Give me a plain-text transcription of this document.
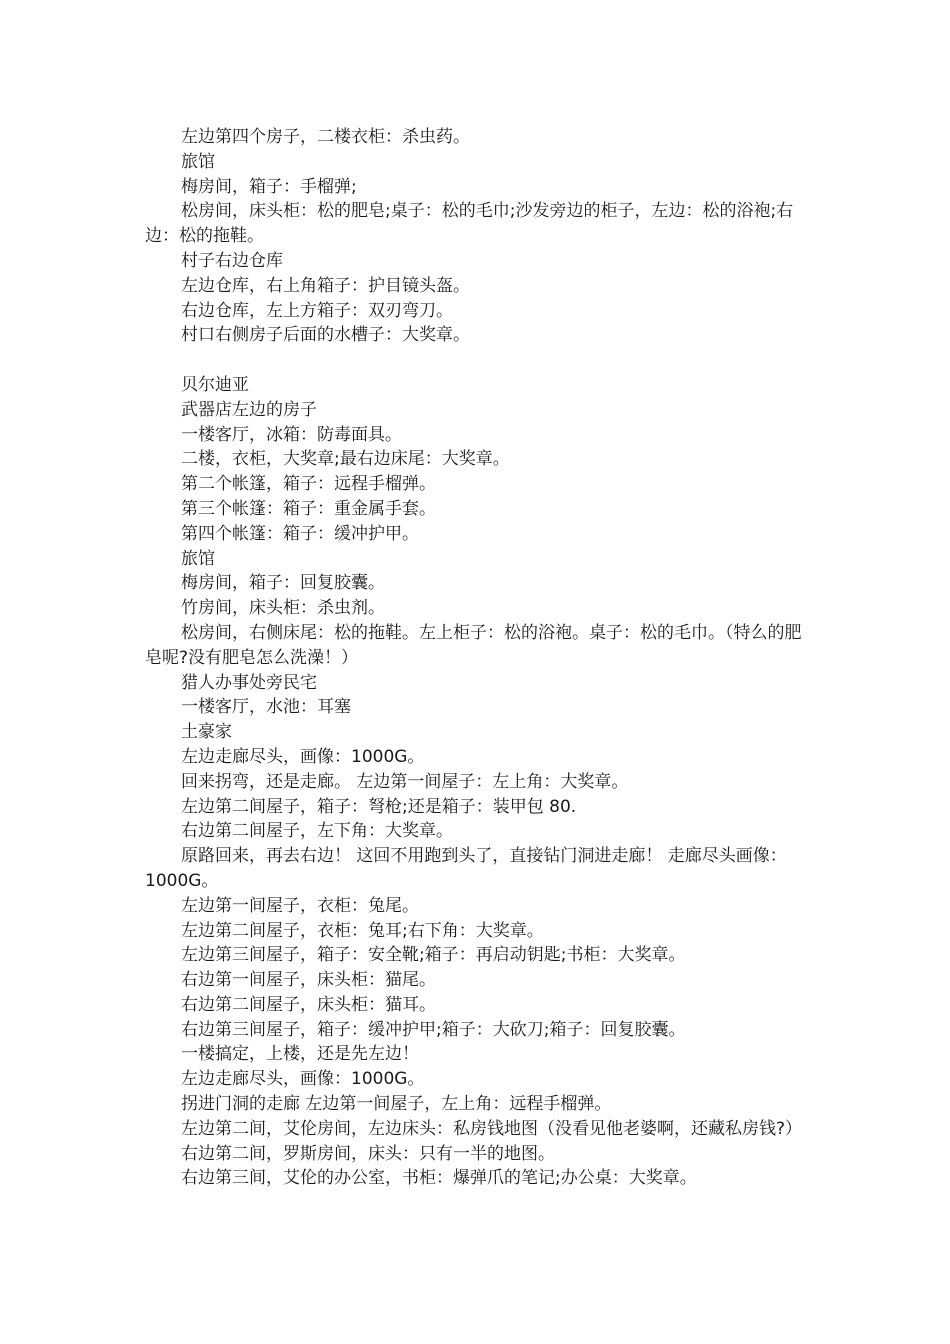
左边第四个房子，二楼衣柜：杀虫药。

旅馆

梅房间，箱子：手榴弹;

松房间，床头柜：松的肥皂;桌子：松的毛巾;沙发旁边的柜子，左边：松的浴袍;右边：松的拖鞋。

村子右边仓库

左边仓库，右上角箱子：护目镜头盔。

右边仓库，左上方箱子：双刃弯刀。

村口右侧房子后面的水槽子：大奖章。

贝尔迪亚

武器店左边的房子

一楼客厅，冰箱：防毒面具。

二楼，衣柜，大奖章;最右边床尾：大奖章。

第二个帐篷，箱子：远程手榴弹。

第三个帐篷：箱子：重金属手套。

第四个帐篷：箱子：缓冲护甲。

旅馆

梅房间，箱子：回复胶囊。

竹房间，床头柜：杀虫剂。

松房间，右侧床尾：松的拖鞋。左上柜子：松的浴袍。桌子：松的毛巾。（特么的肥皂呢?没有肥皂怎么洗澡！）

猎人办事处旁民宅

一楼客厅，水池：耳塞

土豪家

左边走廊尽头，画像：1000G。

回来拐弯，还是走廊。 左边第一间屋子：左上角：大奖章。

左边第二间屋子，箱子：弩枪;还是箱子：装甲包 80.

右边第二间屋子，左下角：大奖章。

原路回来，再去右边！ 这回不用跑到头了，直接钻门洞进走廊！ 走廊尽头画像：1000G。

左边第一间屋子，衣柜：兔尾。

左边第二间屋子，衣柜：兔耳;右下角：大奖章。

左边第三间屋子，箱子：安全靴;箱子：再启动钥匙;书柜：大奖章。

右边第一间屋子，床头柜：猫尾。

右边第二间屋子，床头柜：猫耳。

右边第三间屋子，箱子：缓冲护甲;箱子：大砍刀;箱子：回复胶囊。

一楼搞定，上楼，还是先左边！

左边走廊尽头，画像：1000G。

拐进门洞的走廊 左边第一间屋子，左上角：远程手榴弹。

左边第二间，艾伦房间，左边床头：私房钱地图（没看见他老婆啊，还藏私房钱?）

右边第二间，罗斯房间，床头：只有一半的地图。

右边第三间，艾伦的办公室，书柜：爆弹爪的笔记;办公桌：大奖章。
